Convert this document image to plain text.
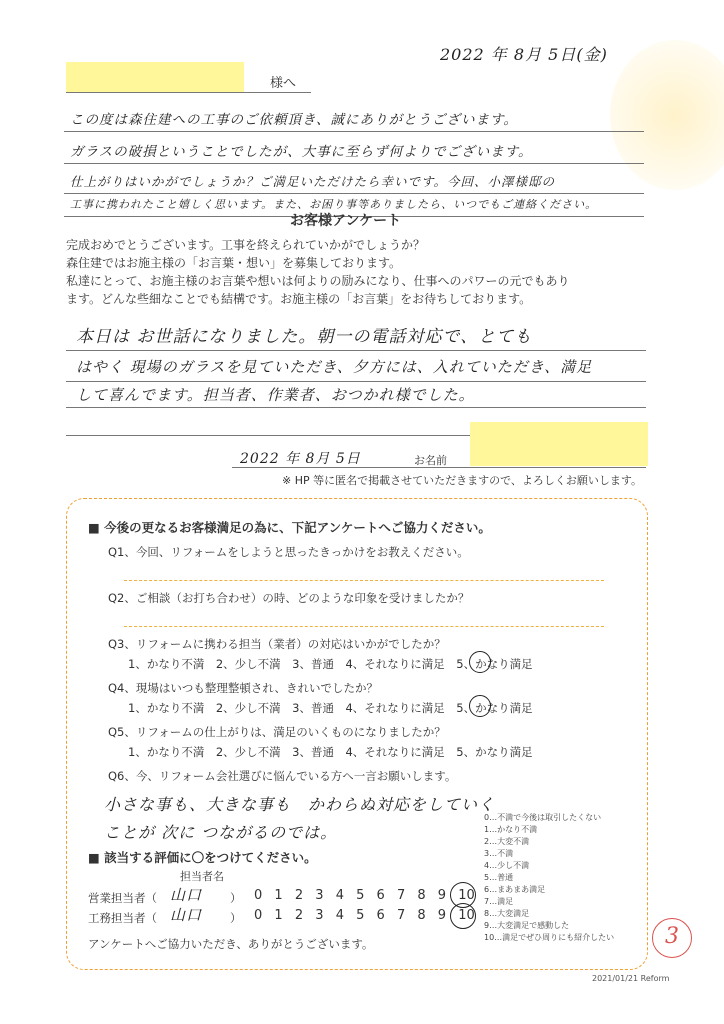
2022 年 8月 5日(金)
様へ
この度は森住建への工事のご依頼頂き、誠にありがとうございます。
ガラスの破損ということでしたが、大事に至らず何よりでございます。
仕上がりはいかがでしょうか？ご満足いただけたら幸いです。今回、小澤様邸の
工事に携われたこと嬉しく思います。また、お困り事等ありましたら、いつでもご連絡ください。
お客様アンケート
完成おめでとうございます。工事を終えられていかがでしょうか？
森住建ではお施主様の「お言葉・想い」を募集しております。
私達にとって、お施主様のお言葉や想いは何よりの励みになり、仕事へのパワーの元でもあり
ます。どんな些細なことでも結構です。お施主様の「お言葉」をお待ちしております。
本日は お世話になりました。朝一の電話対応で、とても
はやく 現場のガラスを見ていただき、夕方には、入れていただき、満足
して喜んでます。担当者、作業者、おつかれ様でした。
2022 年 8月 5日	お名前
※ HP 等に匿名で掲載させていただきますので、よろしくお願いします。
■ 今後の更なるお客様満足の為に、下記アンケートへご協力ください。
Q1、今回、リフォームをしようと思ったきっかけをお教えください。
Q2、ご相談（お打ち合わせ）の時、どのような印象を受けましたか？
Q3、リフォームに携わる担当（業者）の対応はいかがでしたか？
1、かなり不満　2、少し不満　3、普通　4、それなりに満足　5、かなり満足
Q4、現場はいつも整理整頓され、きれいでしたか？
1、かなり不満　2、少し不満　3、普通　4、それなりに満足　5、かなり満足
Q5、リフォームの仕上がりは、満足のいくものになりましたか？
1、かなり不満　2、少し不満　3、普通　4、それなりに満足　5、かなり満足
Q6、今、リフォーム会社選びに悩んでいる方へ一言お願いします。
小さな事も、大きな事も　かわらぬ対応をしていく
ことが 次に つながるのでは。
■ 該当する評価に〇をつけてください。
担当者名
営業担当者（ 山口 ） 0 1 2 3 4 5 6 7 8 9 10
工務担当者（ 山口 ） 0 1 2 3 4 5 6 7 8 9 10
アンケートへご協力いただき、ありがとうございます。
0…不満で今後は取引したくない
1…かなり不満
2…大変不満
3…不満
4…少し不満
5…普通
6…まあまあ満足
7…満足
8…大変満足
9…大変満足で感動した
10…満足でぜひ周りにも紹介したい	3
2021/01/21 Reform
